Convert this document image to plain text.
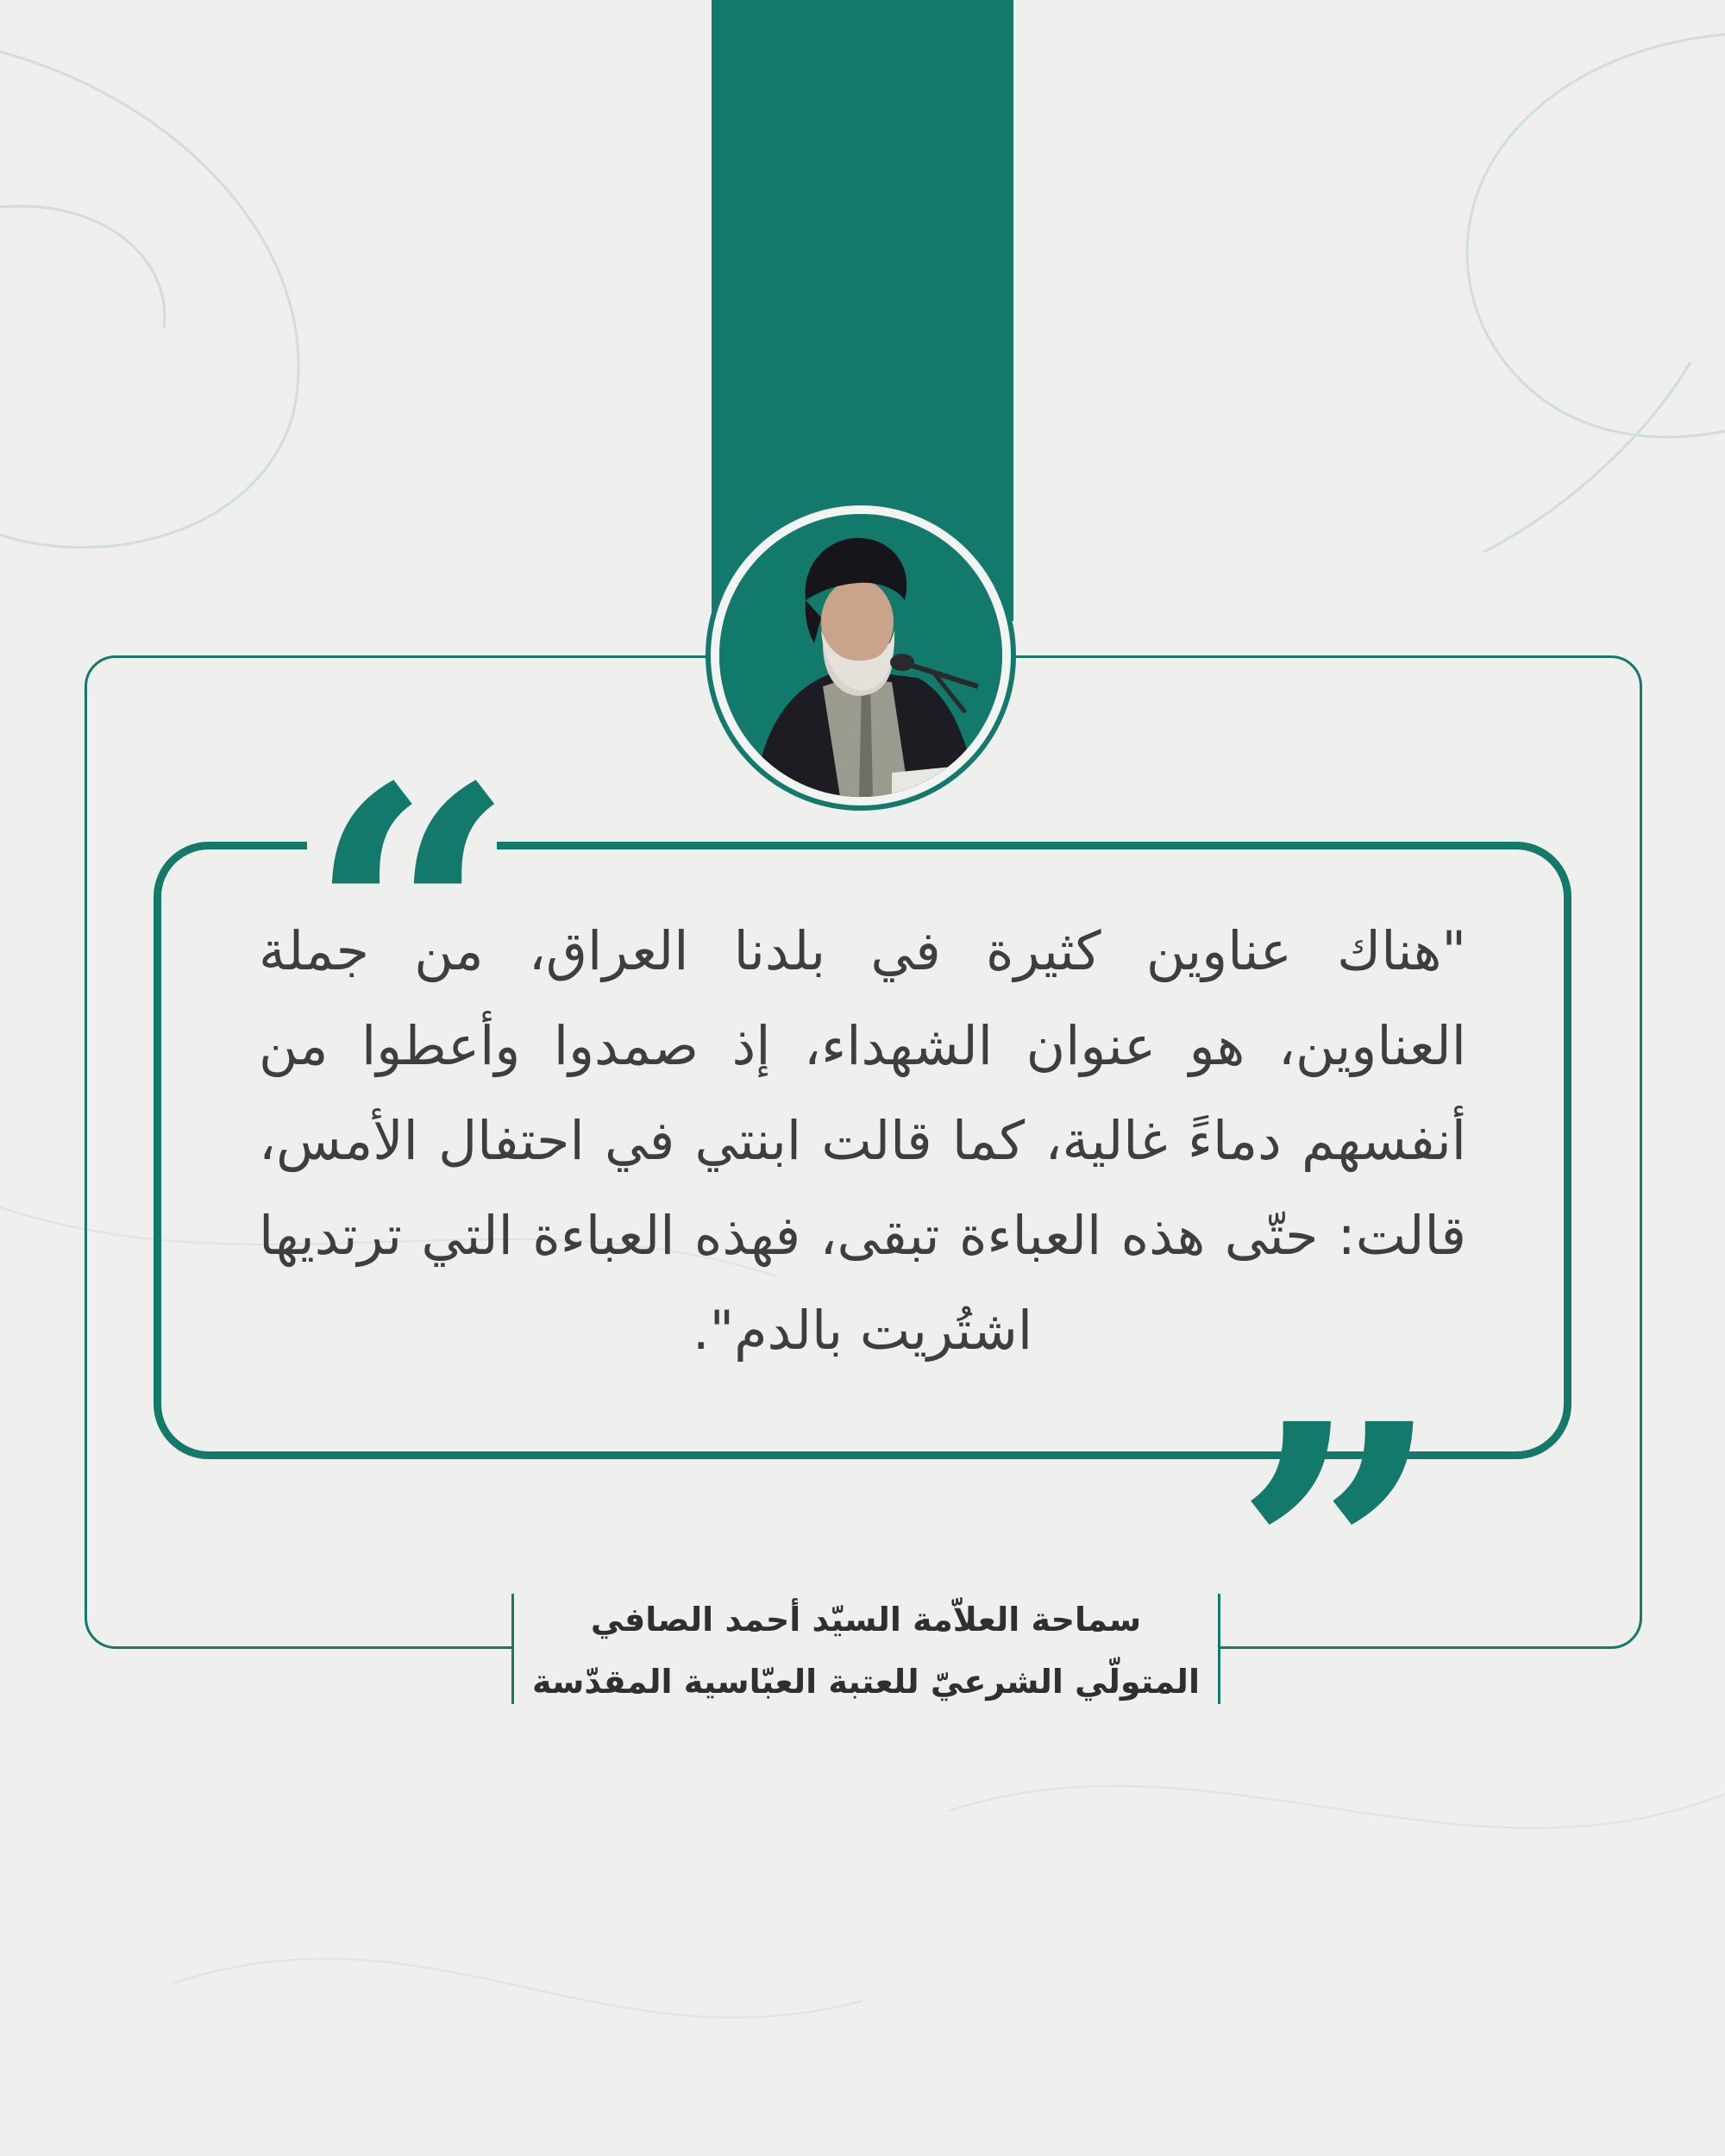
“
”

"هناك عناوين كثيرة في بلدنا العراق، من جملة العناوين، هو عنوان الشهداء، إذ صمدوا وأعطوا من أنفسهم دماءً غالية، كما قالت ابنتي في احتفال الأمس، قالت: حتّى هذه العباءة تبقى، فهذه العباءة التي ترتديها اشتُريت بالدم".

سماحة العلاّمة السيّد أحمد الصافي
المتولّي الشرعيّ للعتبة العبّاسية المقدّسة
